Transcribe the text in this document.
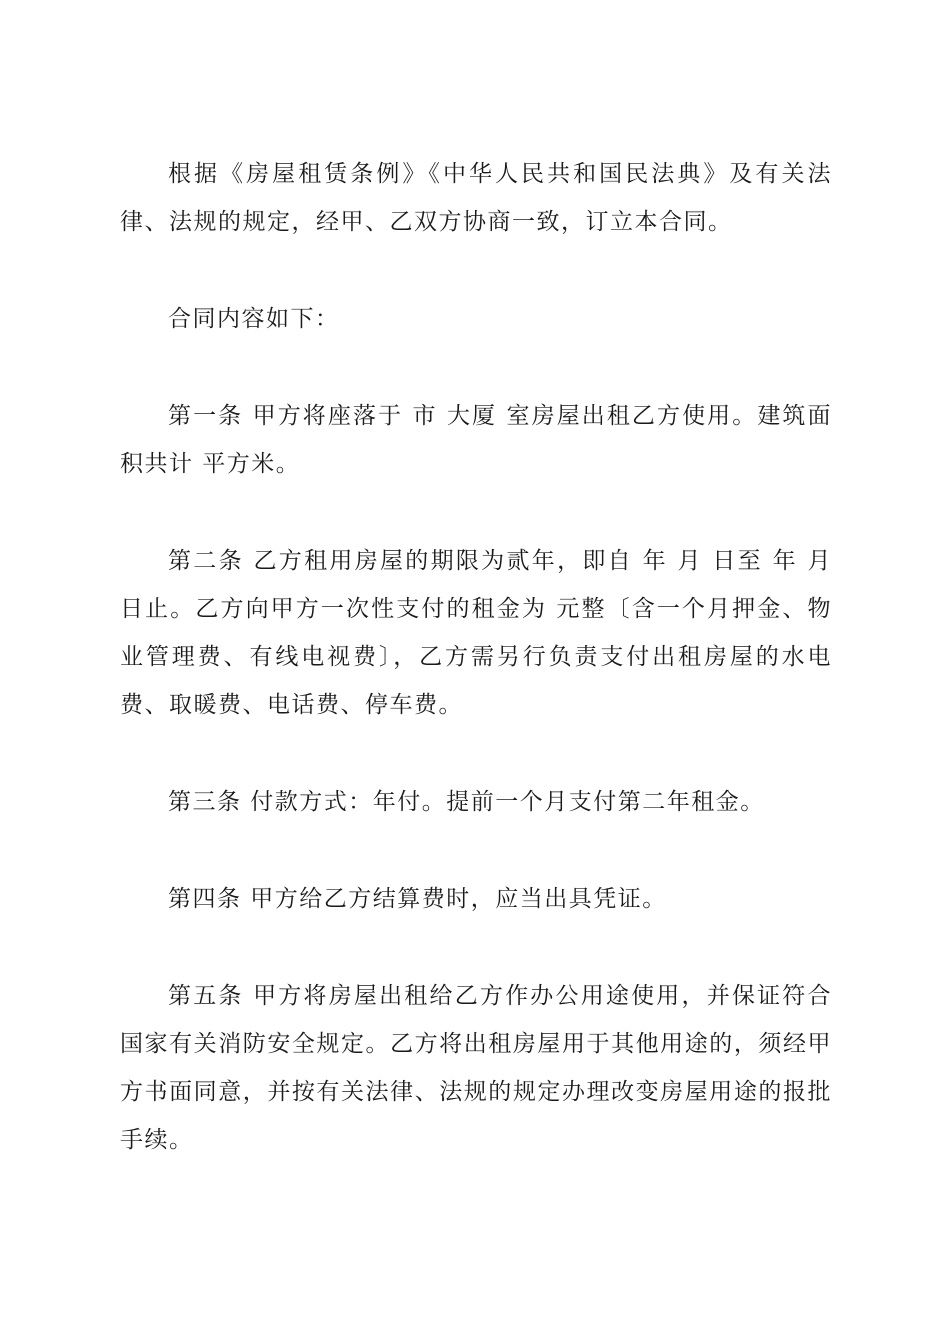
根据《房屋租赁条例》《中华人民共和国民法典》及有关法律、法规的规定，经甲、乙双方协商一致，订立本合同。

合同内容如下：

第一条 甲方将座落于 市 大厦 室房屋出租乙方使用。建筑面积共计 平方米。

第二条 乙方租用房屋的期限为贰年，即自 年 月 日至 年 月 日止。乙方向甲方一次性支付的租金为 元整〔含一个月押金、物业管理费、有线电视费〕，乙方需另行负责支付出租房屋的水电费、取暖费、电话费、停车费。

第三条 付款方式：年付。提前一个月支付第二年租金。

第四条 甲方给乙方结算费时，应当出具凭证。

第五条 甲方将房屋出租给乙方作办公用途使用，并保证符合国家有关消防安全规定。乙方将出租房屋用于其他用途的，须经甲方书面同意，并按有关法律、法规的规定办理改变房屋用途的报批手续。
